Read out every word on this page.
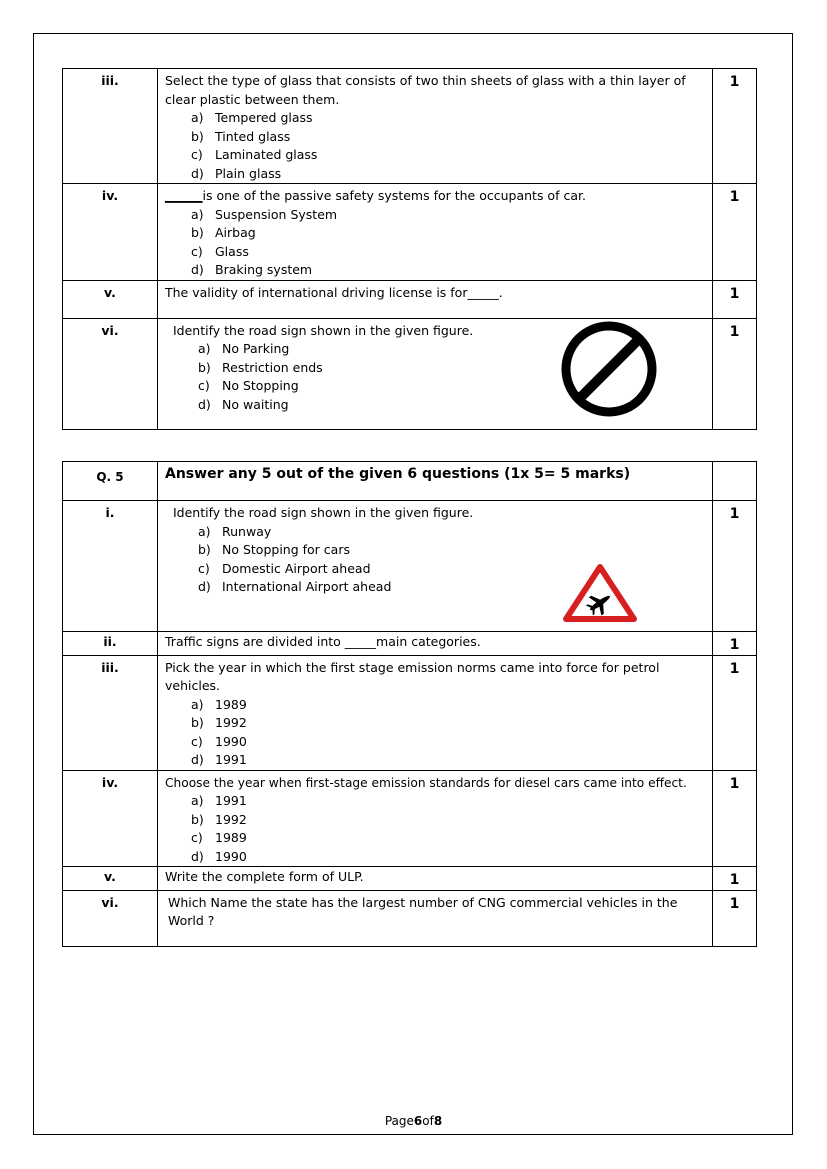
iii.	Select the type of glass that consists of two thin sheets of glass with a thin layer of clear plastic between them.
a) Tempered glass
b) Tinted glass
c) Laminated glass
d) Plain glass	1
iv.	______is one of the passive safety systems for the occupants of car.
a) Suspension System
b) Airbag
c) Glass
d) Braking system	1
v.	The validity of international driving license is for_____.	1
vi.	Identify the road sign shown in the given figure.
a) No Parking
b) Restriction ends
c) No Stopping
d) No waiting	1
Q. 5	Answer any 5 out of the given 6 questions (1x 5= 5 marks)	
i.	Identify the road sign shown in the given figure.
a) Runway
b) No Stopping for cars
c) Domestic Airport ahead
d) International Airport ahead	1
ii.	Traffic signs are divided into _____main categories.	1
iii.	Pick the year in which the first stage emission norms came into force for petrol vehicles.
a) 1989
b) 1992
c) 1990
d) 1991	1
iv.	Choose the year when first-stage emission standards for diesel cars came into effect.
a) 1991
b) 1992
c) 1989
d) 1990	1
v.	Write the complete form of ULP.	1
vi.	Which Name the state has the largest number of CNG commercial vehicles in the World ?	1
Page6of8
